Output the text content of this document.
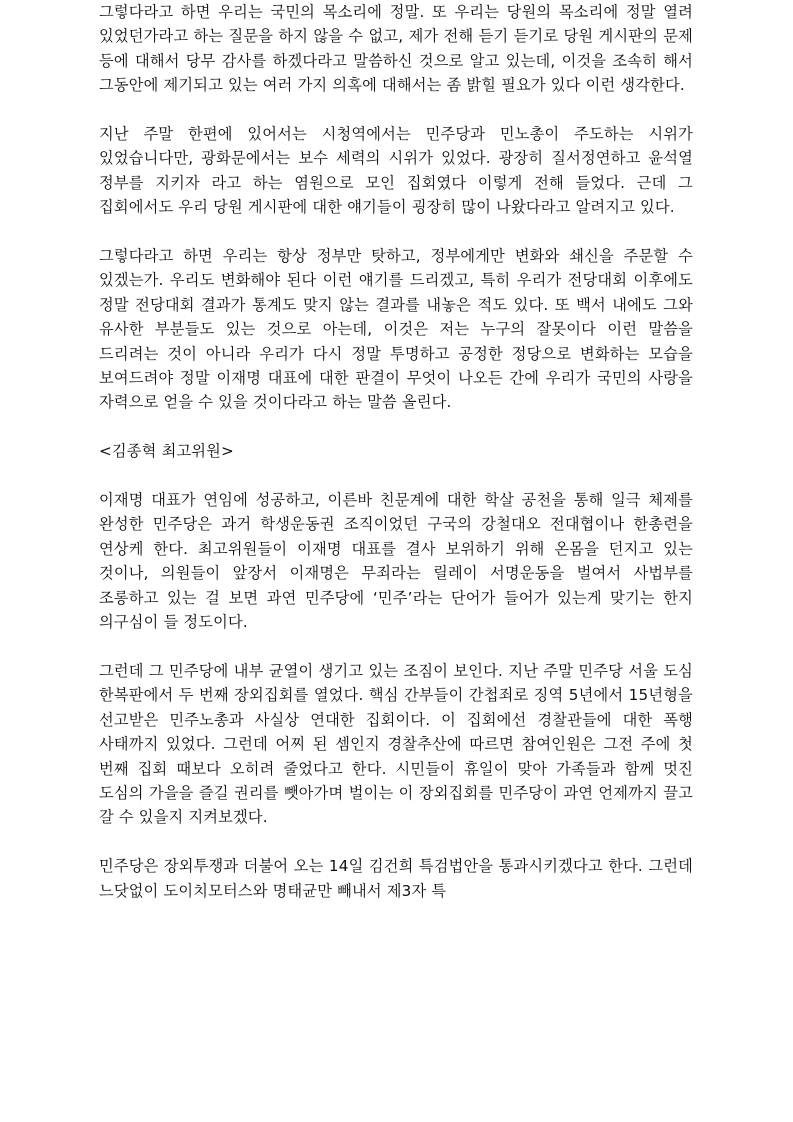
그렇다라고 하면 우리는 국민의 목소리에 정말. 또 우리는 당원의 목소리에 정말 열려 있었던가라고 하는 질문을 하지 않을 수 없고, 제가 전해 듣기 듣기로 당원 게시판의 문제 등에 대해서 당무 감사를 하겠다라고 말씀하신 것으로 알고 있는데, 이것을 조속히 해서 그동안에 제기되고 있는 여러 가지 의혹에 대해서는 좀 밝힐 필요가 있다 이런 생각한다.

지난 주말 한편에 있어서는 시청역에서는 민주당과 민노총이 주도하는 시위가 있었습니다만, 광화문에서는 보수 세력의 시위가 있었다. 광장히 질서정연하고 윤석열 정부를 지키자 라고 하는 염원으로 모인 집회였다 이렇게 전해 들었다. 근데 그 집회에서도 우리 당원 게시판에 대한 얘기들이 굉장히 많이 나왔다라고 알려지고 있다.

그렇다라고 하면 우리는 항상 정부만 탓하고, 정부에게만 변화와 쇄신을 주문할 수 있겠는가. 우리도 변화해야 된다 이런 얘기를 드리겠고, 특히 우리가 전당대회 이후에도 정말 전당대회 결과가 통계도 맞지 않는 결과를 내놓은 적도 있다. 또 백서 내에도 그와 유사한 부분들도 있는 것으로 아는데, 이것은 저는 누구의 잘못이다 이런 말씀을 드리려는 것이 아니라 우리가 다시 정말 투명하고 공정한 정당으로 변화하는 모습을 보여드려야 정말 이재명 대표에 대한 판결이 무엇이 나오든 간에 우리가 국민의 사랑을 자력으로 얻을 수 있을 것이다라고 하는 말씀 올린다.

<김종혁 최고위원>

이재명 대표가 연임에 성공하고, 이른바 친문계에 대한 학살 공천을 통해 일극 체제를 완성한 민주당은 과거 학생운동권 조직이었던 구국의 강철대오 전대협이나 한총련을 연상케 한다. 최고위원들이 이재명 대표를 결사 보위하기 위해 온몸을 던지고 있는 것이나, 의원들이 앞장서 이재명은 무죄라는 릴레이 서명운동을 벌여서 사법부를 조롱하고 있는 걸 보면 과연 민주당에 ‘민주’라는 단어가 들어가 있는게 맞기는 한지 의구심이 들 정도이다.

그런데 그 민주당에 내부 균열이 생기고 있는 조짐이 보인다. 지난 주말 민주당 서울 도심 한복판에서 두 번째 장외집회를 열었다. 핵심 간부들이 간첩죄로 징역 5년에서 15년형을 선고받은 민주노총과 사실상 연대한 집회이다. 이 집회에선 경찰관들에 대한 폭행 사태까지 있었다. 그런데 어찌 된 셈인지 경찰추산에 따르면 참여인원은 그전 주에 첫 번째 집회 때보다 오히려 줄었다고 한다. 시민들이 휴일이 맞아 가족들과 함께 멋진 도심의 가을을 즐길 권리를 뺏아가며 벌이는 이 장외집회를 민주당이 과연 언제까지 끌고 갈 수 있을지 지켜보겠다.

민주당은 장외투쟁과 더불어 오는 14일 김건희 특검법안을 통과시키겠다고 한다. 그런데 느닷없이 도이치모터스와 명태균만 빼내서 제3자 특
